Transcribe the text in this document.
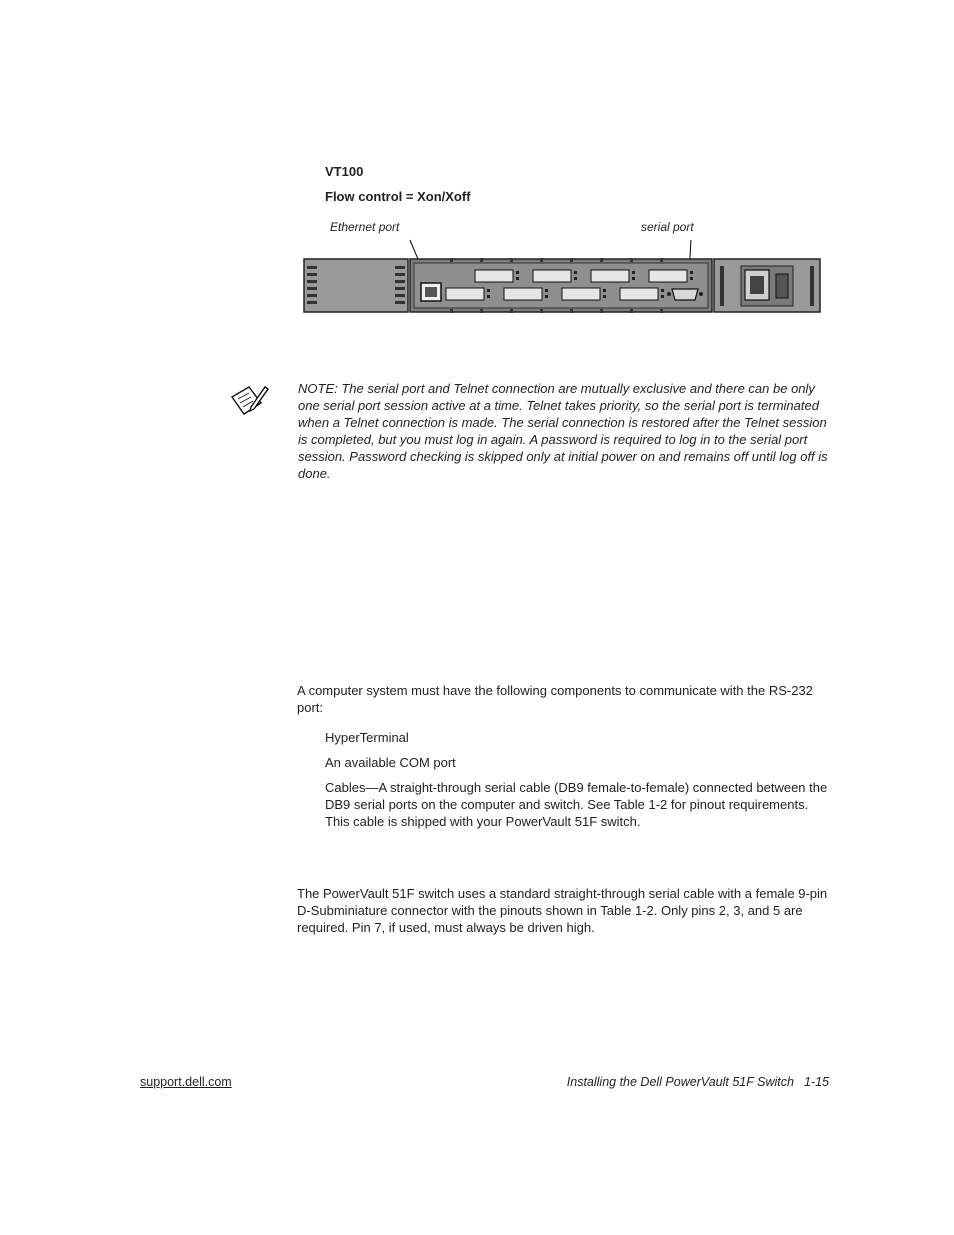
VT100
Flow control = Xon/Xoff
Ethernet port	serial port
NOTE: The serial port and Telnet connection are mutually exclusive and there can be only one serial port session active at a time. Telnet takes priority, so the serial port is terminated when a Telnet connection is made. The serial connection is restored after the Telnet session is completed, but you must log in again. A password is required to log in to the serial port session. Password checking is skipped only at initial power on and remains off until log off is done.
A computer system must have the following components to communicate with the RS-232 port:
HyperTerminal
An available COM port
Cables—A straight-through serial cable (DB9 female-to-female) connected between the DB9 serial ports on the computer and switch. See Table 1-2 for pinout requirements. This cable is shipped with your PowerVault 51F switch.
The PowerVault 51F switch uses a standard straight-through serial cable with a female 9-pin D-Subminiature connector with the pinouts shown in Table 1-2. Only pins 2, 3, and 5 are required. Pin 7, if used, must always be driven high.
support.dell.com	Installing the Dell PowerVault 51F Switch 1-15
